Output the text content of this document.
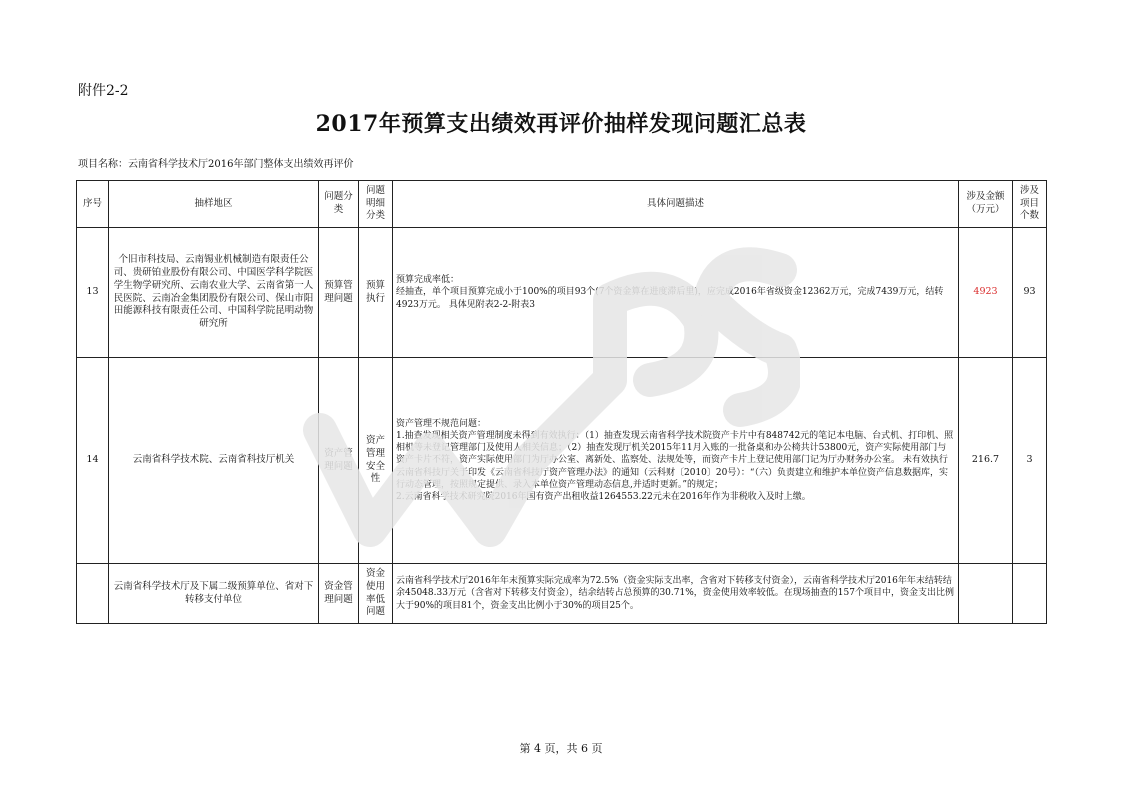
附件2-2
2017年预算支出绩效再评价抽样发现问题汇总表
项目名称：云南省科学技术厅2016年部门整体支出绩效再评价
序号	抽样地区	问题分类	问题明细分类	具体问题描述	涉及金额（万元）	涉及项目个数
13	个旧市科技局、云南锡业机械制造有限责任公司、贵研铂业股份有限公司、中国医学科学院医学生物学研究所、云南农业大学、云南省第一人民医院、云南冶金集团股份有限公司、保山市阳田能源科技有限责任公司、中国科学院昆明动物研究所	预算管理问题	预算执行	预算完成率低：
经抽查，单个项目预算完成小于100%的项目93个(7个资金算在进度滞后里)，应完成2016年省级资金12362万元，完成7439万元，结转4923万元。 具体见附表2-2-附表3	4923	93
14	云南省科学技术院、云南省科技厅机关	资产管理问题	资产管理安全性	资产管理不规范问题：
1.抽查发现相关资产管理制度未得到有效执行：（1）抽查发现云南省科学技术院资产卡片中有848742元的笔记本电脑、台式机、打印机、照相机等未登记管理部门及使用人相关信息；（2）抽查发现厅机关2015年11月入账的一批备桌和办公椅共计53800元，资产实际使用部门与资产卡片不符，资产实际使用部门为厅办公室、离新处、监察处、法规处等，而资产卡片上登记使用部门记为厅办财务办公室。 未有效执行云南省科技厅关于印发《云南省科技厅资产管理办法》的通知（云科财〔2010〕20号）：“（六）负责建立和维护本单位资产信息数据库，实行动态管理，按照规定提供、录入本单位资产管理动态信息,并适时更新。”的规定；
2.云南省科学技术研究院2016年国有资产出租收益1264553.22元未在2016年作为非税收入及时上缴。	216.7	3
	云南省科学技术厅及下属二级预算单位、省对下转移支付单位	资金管理问题	资金使用率低问题	云南省科学技术厅2016年年末预算实际完成率为72.5%（资金实际支出率，含省对下转移支付资金），云南省科学技术厅2016年年末结转结余45048.33万元（含省对下转移支付资金），结余结转占总预算的30.71%，资金使用效率较低。在现场抽查的157个项目中，资金支出比例大于90%的项目81个，资金支出比例小于30%的项目25个。		

第 4 页，共 6 页
